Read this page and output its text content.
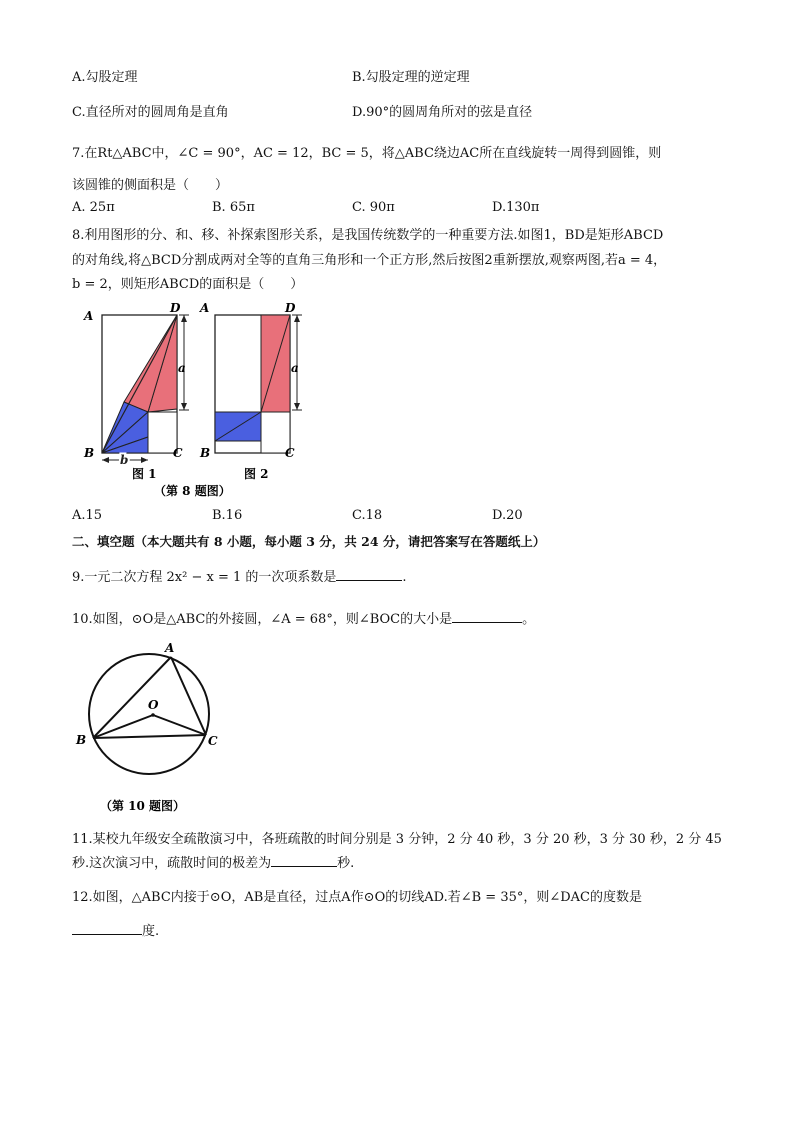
A.勾股定理	B.勾股定理的逆定理
C.直径所对的圆周角是直角	D.90°的圆周角所对的弦是直径
7.在Rt△ABC中，∠C = 90°，AC = 12，BC = 5，将△ABC绕边AC所在直线旋转一周得到圆锥，则
该圆锥的侧面积是（　　）
A. 25π	B. 65π	C. 90π	D.130π
8.利用图形的分、和、移、补探索图形关系，是我国传统数学的一种重要方法.如图1，BD是矩形ABCD
的对角线,将△BCD分割成两对全等的直角三角形和一个正方形,然后按图2重新摆放,观察两图,若a = 4，
b = 2，则矩形ABCD的面积是（　　）
a
b
A
D
B	C
a
A	D
B	C
图 1	图 2
（第 8 题图）
A.15	B.16	C.18	D.20
二、填空题（本大题共有 8 小题，每小题 3 分，共 24 分，请把答案写在答题纸上）
9.一元二次方程 2x² − x = 1 的一次项系数是	.
10.如图，⊙O是△ABC的外接圆，∠A = 68°，则∠BOC的大小是	。
A
O
B	C
（第 10 题图）
11.某校九年级安全疏散演习中，各班疏散的时间分别是 3 分钟，2 分 40 秒，3 分 20 秒，3 分 30 秒，2 分 45
秒.这次演习中，疏散时间的极差为	秒.
12.如图，△ABC内接于⊙O，AB是直径，过点A作⊙O的切线AD.若∠B = 35°，则∠DAC的度数是
度.
